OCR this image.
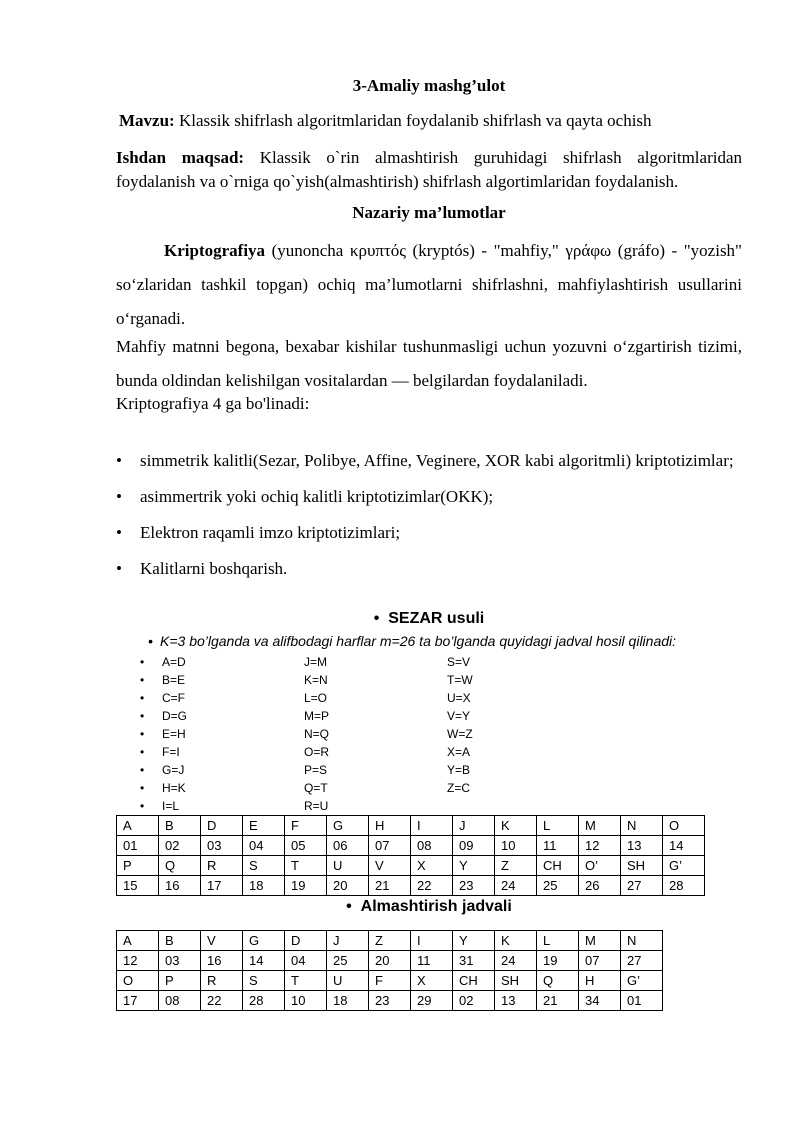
3-Amaliy mashg’ulot
Mavzu: Klassik shifrlash algoritmlaridan foydalanib shifrlash va qayta ochish
Ishdan maqsad: Klassik o`rin almashtirish guruhidagi shifrlash algoritmlaridan foydalanish va o`rniga qo`yish(almashtirish) shifrlash algortimlaridan foydalanish.
Nazariy ma’lumotlar
Kriptografiya (yunoncha κρυπτός (kryptós) - "mahfiy," γράφω (gráfo) - "yozish" so‘zlaridan tashkil topgan) ochiq ma’lumotlarni shifrlashni, mahfiylashtirish usullarini o‘rganadi.
Mahfiy matnni begona, bexabar kishilar tushunmasligi uchun yozuvni o‘zgartirish tizimi, bunda oldindan kelishilgan vositalardan — belgilardan foydalaniladi.
Kriptografiya 4 ga bo'linadi:
• simmetrik kalitli(Sezar, Polibye, Affine, Veginere, XOR kabi algoritmli) kriptotizimlar;
• asimmertrik yoki ochiq kalitli kriptotizimlar(OKK);
• Elektron raqamli imzo kriptotizimlari;
• Kalitlarni boshqarish.
• SEZAR usuli
• K=3 bo’lganda va alifbodagi harflar m=26 ta bo’lganda quyidagi jadval hosil qilinadi:
• A=D
• B=E
• C=F
• D=G
• E=H
• F=I
• G=J
• H=K
• I=L
J=M
K=N
L=O
M=P
N=Q
O=R
P=S
Q=T
R=U
S=V
T=W
U=X
V=Y
W=Z
X=A
Y=B
Z=C
A	B	D	E	F	G	H	I	J	K	L	M	N	O
01	02	03	04	05	06	07	08	09	10	11	12	13	14
P	Q	R	S	T	U	V	X	Y	Z	CH	O’	SH	G’
15	16	17	18	19	20	21	22	23	24	25	26	27	28
• Almashtirish jadvali
A	B	V	G	D	J	Z	I	Y	K	L	M	N
12	03	16	14	04	25	20	11	31	24	19	07	27
O	P	R	S	T	U	F	X	CH	SH	Q	H	G’
17	08	22	28	10	18	23	29	02	13	21	34	01
